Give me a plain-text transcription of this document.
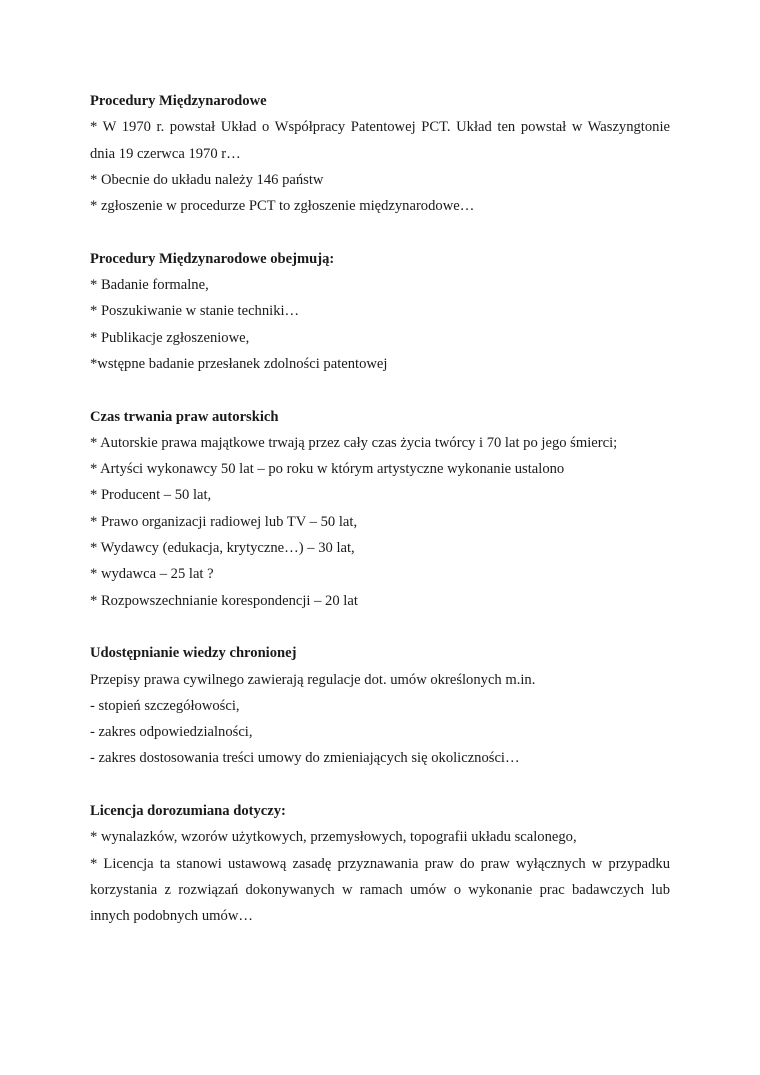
Procedury Międzynarodowe
* W 1970 r. powstał Układ o Współpracy Patentowej PCT. Układ ten powstał w Waszyngtonie dnia 19 czerwca 1970 r…
* Obecnie do układu należy 146 państw
* zgłoszenie w procedurze PCT to zgłoszenie międzynarodowe…
Procedury Międzynarodowe obejmują:
* Badanie formalne,
* Poszukiwanie w stanie techniki…
* Publikacje zgłoszeniowe,
*wstępne badanie przesłanek zdolności patentowej
Czas trwania praw autorskich
* Autorskie prawa majątkowe trwają przez cały czas życia twórcy i 70 lat po jego śmierci;
* Artyści wykonawcy 50 lat – po roku w którym artystyczne wykonanie ustalono
* Producent – 50 lat,
* Prawo organizacji radiowej lub TV – 50 lat,
* Wydawcy (edukacja, krytyczne…) – 30 lat,
* wydawca – 25 lat ?
* Rozpowszechnianie korespondencji – 20 lat
Udostępnianie wiedzy chronionej
Przepisy prawa cywilnego zawierają regulacje dot. umów określonych m.in.
- stopień szczegółowości,
- zakres odpowiedzialności,
- zakres dostosowania treści umowy do zmieniających się okoliczności…
Licencja dorozumiana dotyczy:
* wynalazków, wzorów użytkowych, przemysłowych, topografii układu scalonego,
* Licencja ta stanowi ustawową zasadę przyznawania praw do praw wyłącznych w przypadku korzystania z rozwiązań dokonywanych w ramach umów o wykonanie prac badawczych lub innych podobnych umów…
